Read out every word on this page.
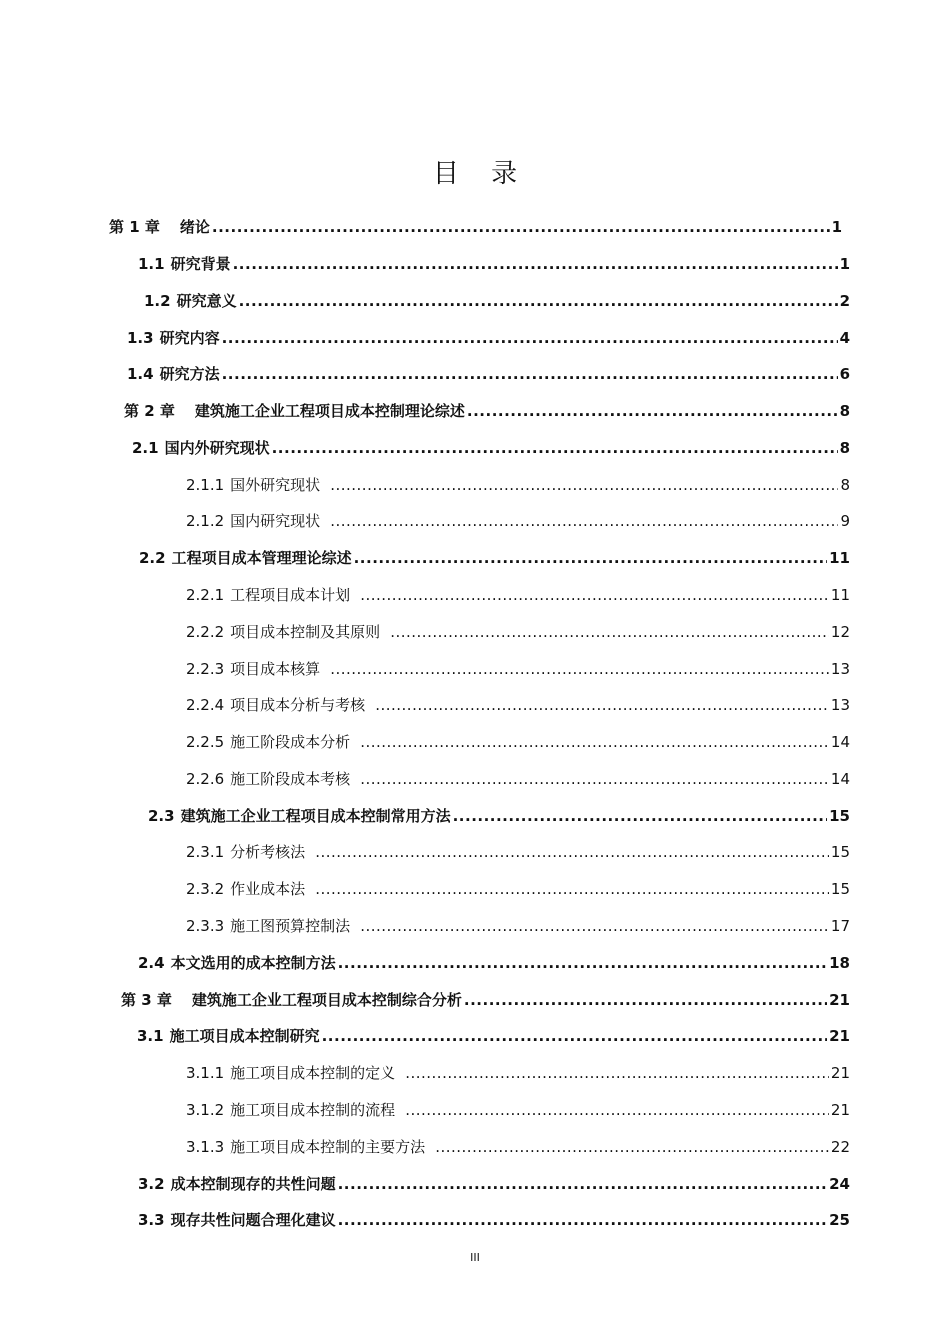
目 录
第 1 章 绪论 .....	1
1.1 研究背景 .....	1
1.2 研究意义 .....	2
1.3 研究内容 .....	4
1.4 研究方法 .....	6
第 2 章 建筑施工企业工程项目成本控制理论综述 .....	8
2.1 国内外研究现状 .....	8
2.1.1 国外研究现状 .....	8
2.1.2 国内研究现状 .....	9
2.2 工程项目成本管理理论综述 .....	11
2.2.1 工程项目成本计划 .....	11
2.2.2 项目成本控制及其原则 .....	12
2.2.3 项目成本核算 .....	13
2.2.4 项目成本分析与考核 .....	13
2.2.5 施工阶段成本分析 .....	14
2.2.6 施工阶段成本考核 .....	14
2.3 建筑施工企业工程项目成本控制常用方法 .....	15
2.3.1 分析考核法 .....	15
2.3.2 作业成本法 .....	15
2.3.3 施工图预算控制法 .....	17
2.4 本文选用的成本控制方法 .....	18
第 3 章 建筑施工企业工程项目成本控制综合分析 .....	21
3.1 施工项目成本控制研究 .....	21
3.1.1 施工项目成本控制的定义 .....	21
3.1.2 施工项目成本控制的流程 .....	21
3.1.3 施工项目成本控制的主要方法 .....	22
3.2 成本控制现存的共性问题 .....	24
3.3 现存共性问题合理化建议 .....	25
III
